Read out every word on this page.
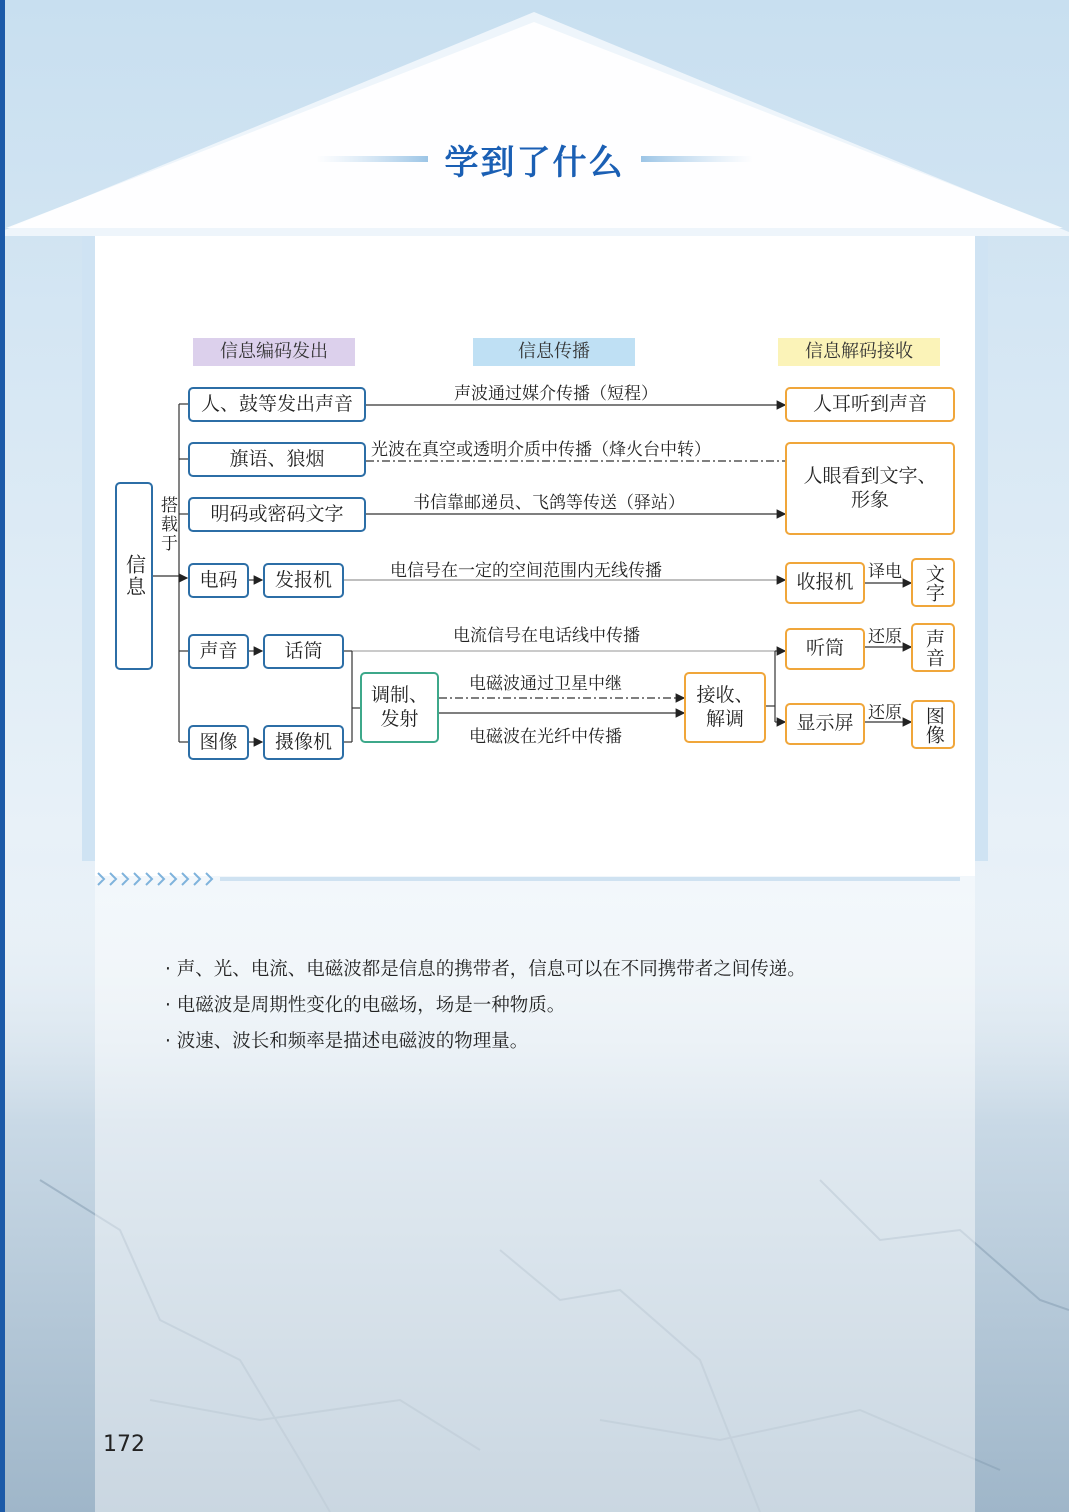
学到了什么
信息编码发出	信息传播	信息解码接收
信息
搭载于
人、鼓等发出声音
旗语、狼烟
明码或密码文字
电码	发报机
声音	话筒
图像	摄像机
调制、发射
声波通过媒介传播（短程）
光波在真空或透明介质中传播（烽火台中转）
书信靠邮递员、飞鸽等传送（驿站）
电信号在一定的空间范围内无线传播
电流信号在电话线中传播
电磁波通过卫星中继
电磁波在光纤中传播
人耳听到声音
人眼看到文字、形象
收报机 译电	文字
接收、解调
听筒
还原	声音
显示屏 还原	图像
· 声、光、电流、电磁波都是信息的携带者，信息可以在不同携带者之间传递。
· 电磁波是周期性变化的电磁场，场是一种物质。
· 波速、波长和频率是描述电磁波的物理量。
172
